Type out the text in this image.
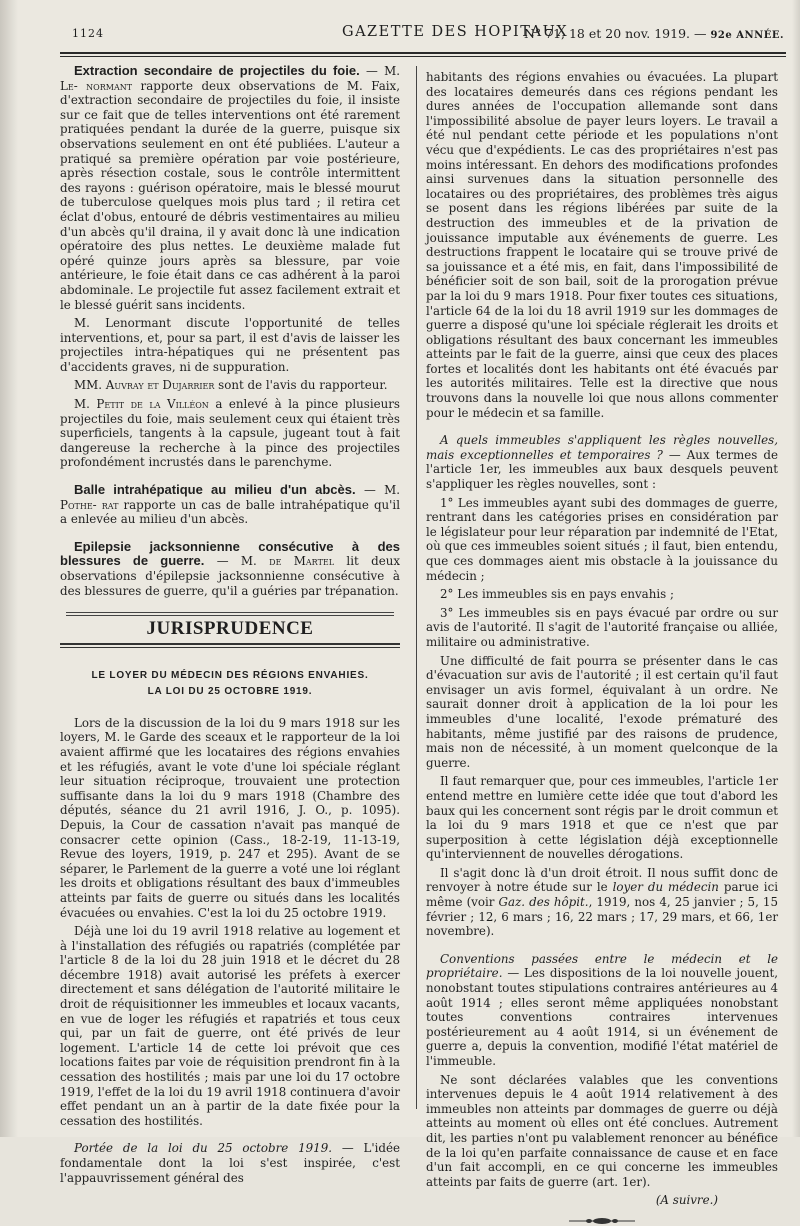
1124	GAZETTE DES HOPITAUX
N° 71, 18 et 20 nov. 1919. — 92e ANNÉE.

Extraction secondaire de projectiles du foie. — M. Le- normant rapporte deux observations de M. Faix, d'extraction secondaire de projectiles du foie, il insiste sur ce fait que de telles interventions ont été rarement pratiquées pendant la durée de la guerre, puisque six observations seulement en ont été publiées. L'auteur a pratiqué sa première opération par voie postérieure, après résection costale, sous le contrôle intermittent des rayons : guérison opératoire, mais le blessé mourut de tuberculose quelques mois plus tard ; il retira cet éclat d'obus, entouré de débris vestimentaires au milieu d'un abcès qu'il draina, il y avait donc là une indication opératoire des plus nettes. Le deuxième malade fut opéré quinze jours après sa blessure, par voie antérieure, le foie était dans ce cas adhérent à la paroi abdominale. Le projectile fut assez facilement extrait et le blessé guérit sans incidents.

M. Lenormant discute l'opportunité de telles interventions, et, pour sa part, il est d'avis de laisser les projectiles intra-hépatiques qui ne présentent pas d'accidents graves, ni de suppuration.

MM. Auvray et Dujarrier sont de l'avis du rapporteur.

M. Petit de la Villéon a enlevé à la pince plusieurs projectiles du foie, mais seulement ceux qui étaient très superficiels, tangents à la capsule, jugeant tout à fait dangereuse la recherche à la pince des projectiles profondément incrustés dans le parenchyme.

Balle intrahépatique au milieu d'un abcès. — M. Pothe- rat rapporte un cas de balle intrahépatique qu'il a enlevée au milieu d'un abcès.

Epilepsie jacksonnienne consécutive à des blessures de guerre. — M. de Martel lit deux observations d'épilepsie jacksonnienne consécutive à des blessures de guerre, qu'il a guéries par trépanation.

JURISPRUDENCE
LE LOYER DU MÉDECIN DES RÉGIONS ENVAHIES.
LA LOI DU 25 OCTOBRE 1919.

Lors de la discussion de la loi du 9 mars 1918 sur les loyers, M. le Garde des sceaux et le rapporteur de la loi avaient affirmé que les locataires des régions envahies et les réfugiés, avant le vote d'une loi spéciale réglant leur situation réciproque, trouvaient une protection suffisante dans la loi du 9 mars 1918 (Chambre des députés, séance du 21 avril 1916, J. O., p. 1095). Depuis, la Cour de cassation n'avait pas manqué de consacrer cette opinion (Cass., 18-2-19, 11-13-19, Revue des loyers, 1919, p. 247 et 295). Avant de se séparer, le Parlement de la guerre a voté une loi réglant les droits et obligations résultant des baux d'immeubles atteints par faits de guerre ou situés dans les localités évacuées ou envahies. C'est la loi du 25 octobre 1919.

Déjà une loi du 19 avril 1918 relative au logement et à l'installation des réfugiés ou rapatriés (complétée par l'article 8 de la loi du 28 juin 1918 et le décret du 28 décembre 1918) avait autorisé les préfets à exercer directement et sans délégation de l'autorité militaire le droit de réquisitionner les immeubles et locaux vacants, en vue de loger les réfugiés et rapatriés et tous ceux qui, par un fait de guerre, ont été privés de leur logement. L'article 14 de cette loi prévoit que ces locations faites par voie de réquisition prendront fin à la cessation des hostilités ; mais par une loi du 17 octobre 1919, l'effet de la loi du 19 avril 1918 continuera d'avoir effet pendant un an à partir de la date fixée pour la cessation des hostilités.

Portée de la loi du 25 octobre 1919. — L'idée fondamentale dont la loi s'est inspirée, c'est l'appauvrissement général des

habitants des régions envahies ou évacuées. La plupart des locataires demeurés dans ces régions pendant les dures années de l'occupation allemande sont dans l'impossibilité absolue de payer leurs loyers. Le travail a été nul pendant cette période et les populations n'ont vécu que d'expédients. Le cas des propriétaires n'est pas moins intéressant. En dehors des modifications profondes ainsi survenues dans la situation personnelle des locataires ou des propriétaires, des problèmes très aigus se posent dans les régions libérées par suite de la destruction des immeubles et de la privation de jouissance imputable aux événements de guerre. Les destructions frappent le locataire qui se trouve privé de sa jouissance et a été mis, en fait, dans l'impossibilité de bénéficier soit de son bail, soit de la prorogation prévue par la loi du 9 mars 1918. Pour fixer toutes ces situations, l'article 64 de la loi du 18 avril 1919 sur les dommages de guerre a disposé qu'une loi spéciale réglerait les droits et obligations résultant des baux concernant les immeubles atteints par le fait de la guerre, ainsi que ceux des places fortes et localités dont les habitants ont été évacués par les autorités militaires. Telle est la directive que nous trouvons dans la nouvelle loi que nous allons commenter pour le médecin et sa famille.

A quels immeubles s'appliquent les règles nouvelles, mais exceptionnelles et temporaires ? — Aux termes de l'article 1er, les immeubles aux baux desquels peuvent s'appliquer les règles nouvelles, sont :

1° Les immeubles ayant subi des dommages de guerre, rentrant dans les catégories prises en considération par le législateur pour leur réparation par indemnité de l'Etat, où que ces immeubles soient situés ; il faut, bien entendu, que ces dommages aient mis obstacle à la jouissance du médecin ;

2° Les immeubles sis en pays envahis ;

3° Les immeubles sis en pays évacué par ordre ou sur avis de l'autorité. Il s'agit de l'autorité française ou alliée, militaire ou administrative.

Une difficulté de fait pourra se présenter dans le cas d'évacuation sur avis de l'autorité ; il est certain qu'il faut envisager un avis formel, équivalant à un ordre. Ne saurait donner droit à application de la loi pour les immeubles d'une localité, l'exode prématuré des habitants, même justifié par des raisons de prudence, mais non de nécessité, à un moment quelconque de la guerre.

Il faut remarquer que, pour ces immeubles, l'article 1er entend mettre en lumière cette idée que tout d'abord les baux qui les concernent sont régis par le droit commun et la loi du 9 mars 1918 et que ce n'est que par superposition à cette législation déjà exceptionnelle qu'interviennent de nouvelles dérogations.

Il s'agit donc là d'un droit étroit. Il nous suffit donc de renvoyer à notre étude sur le loyer du médecin parue ici même (voir Gaz. des hôpit., 1919, nos 4, 25 janvier ; 5, 15 février ; 12, 6 mars ; 16, 22 mars ; 17, 29 mars, et 66, 1er novembre).

Conventions passées entre le médecin et le propriétaire. — Les dispositions de la loi nouvelle jouent, nonobstant toutes stipulations contraires antérieures au 4 août 1914 ; elles seront même appliquées nonobstant toutes conventions contraires intervenues postérieurement au 4 août 1914, si un événement de guerre a, depuis la convention, modifié l'état matériel de l'immeuble.

Ne sont déclarées valables que les conventions intervenues depuis le 4 août 1914 relativement à des immeubles non atteints par dommages de guerre ou déjà atteints au moment où elles ont été conclues. Autrement dit, les parties n'ont pu valablement renoncer au bénéfice de la loi qu'en parfaite connaissance de cause et en face d'un fait accompli, en ce qui concerne les immeubles atteints par faits de guerre (art. 1er).

(A suivre.)
